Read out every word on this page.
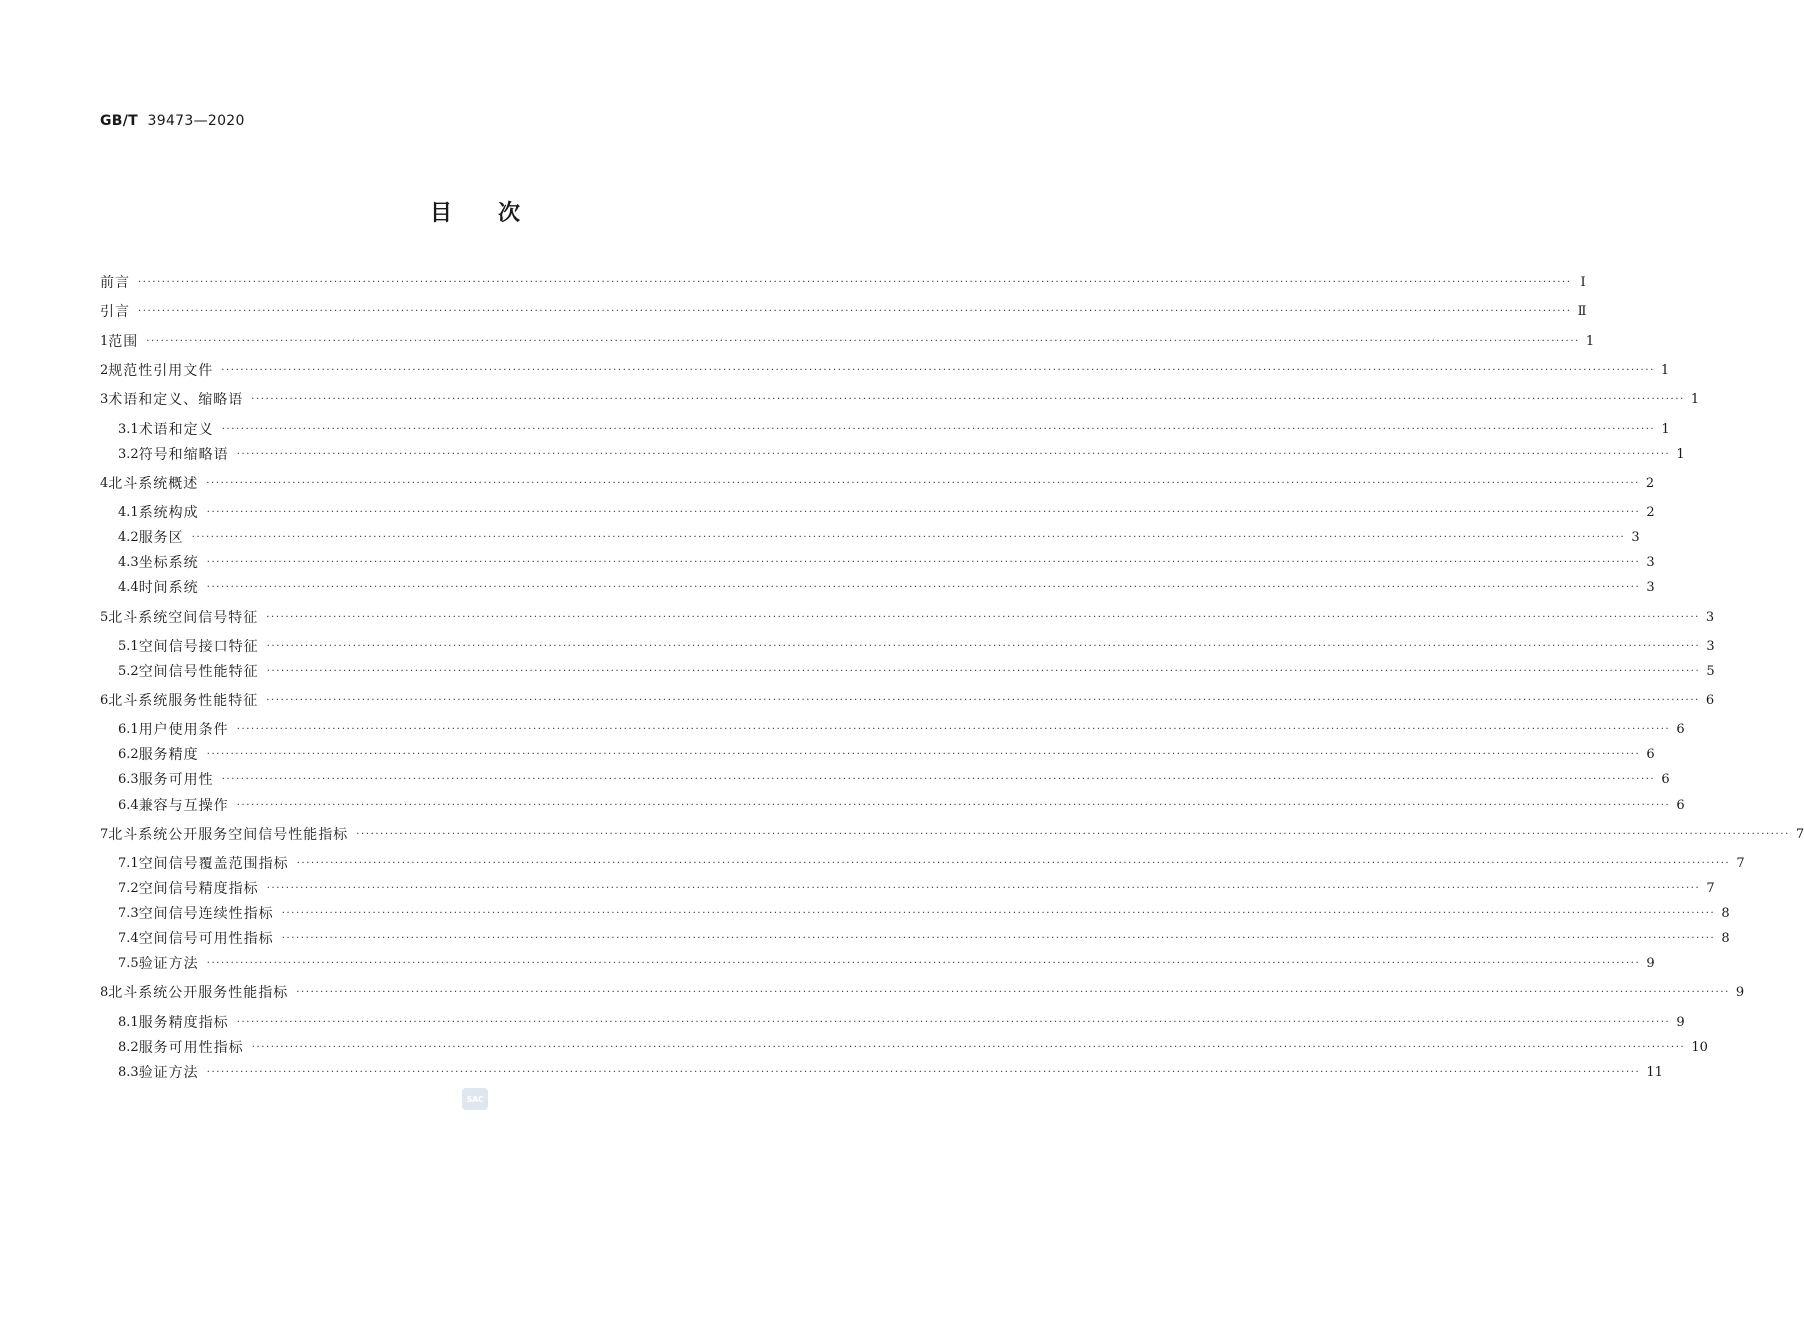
GB/T 39473—2020
目次
前言 ············································································································································································································································································································ Ⅰ
引言 ············································································································································································································································································································ Ⅱ
1 范围 ············································································································································································································································································································ 1
2 规范性引用文件 ············································································································································································································································································································ 1
3 术语和定义、缩略语 ············································································································································································································································································································ 1
3.1 术语和定义 ············································································································································································································································································································ 1
3.2 符号和缩略语 ············································································································································································································································································································ 1
4 北斗系统概述 ············································································································································································································································································································ 2
4.1 系统构成 ············································································································································································································································································································ 2
4.2 服务区 ············································································································································································································································································································ 3
4.3 坐标系统 ············································································································································································································································································································ 3
4.4 时间系统 ············································································································································································································································································································ 3
5 北斗系统空间信号特征 ············································································································································································································································································································ 3
5.1 空间信号接口特征 ············································································································································································································································································································ 3
5.2 空间信号性能特征 ············································································································································································································································································································ 5
6 北斗系统服务性能特征 ············································································································································································································································································································ 6
6.1 用户使用条件 ············································································································································································································································································································ 6
6.2 服务精度 ············································································································································································································································································································ 6
6.3 服务可用性 ············································································································································································································································································································ 6
6.4 兼容与互操作 ············································································································································································································································································································ 6
7 北斗系统公开服务空间信号性能指标 ············································································································································································································································································································ 7
7.1 空间信号覆盖范围指标 ············································································································································································································································································································ 7
7.2 空间信号精度指标 ············································································································································································································································································································ 7
7.3 空间信号连续性指标 ············································································································································································································································································································ 8
7.4 空间信号可用性指标 ············································································································································································································································································································ 8
7.5 验证方法 ············································································································································································································································································································ 9
8 北斗系统公开服务性能指标 ············································································································································································································································································································ 9
8.1 服务精度指标 ············································································································································································································································································································ 9
8.2 服务可用性指标 ············································································································································································································································································································ 10
8.3 验证方法 ············································································································································································································································································································ 11
SAC
